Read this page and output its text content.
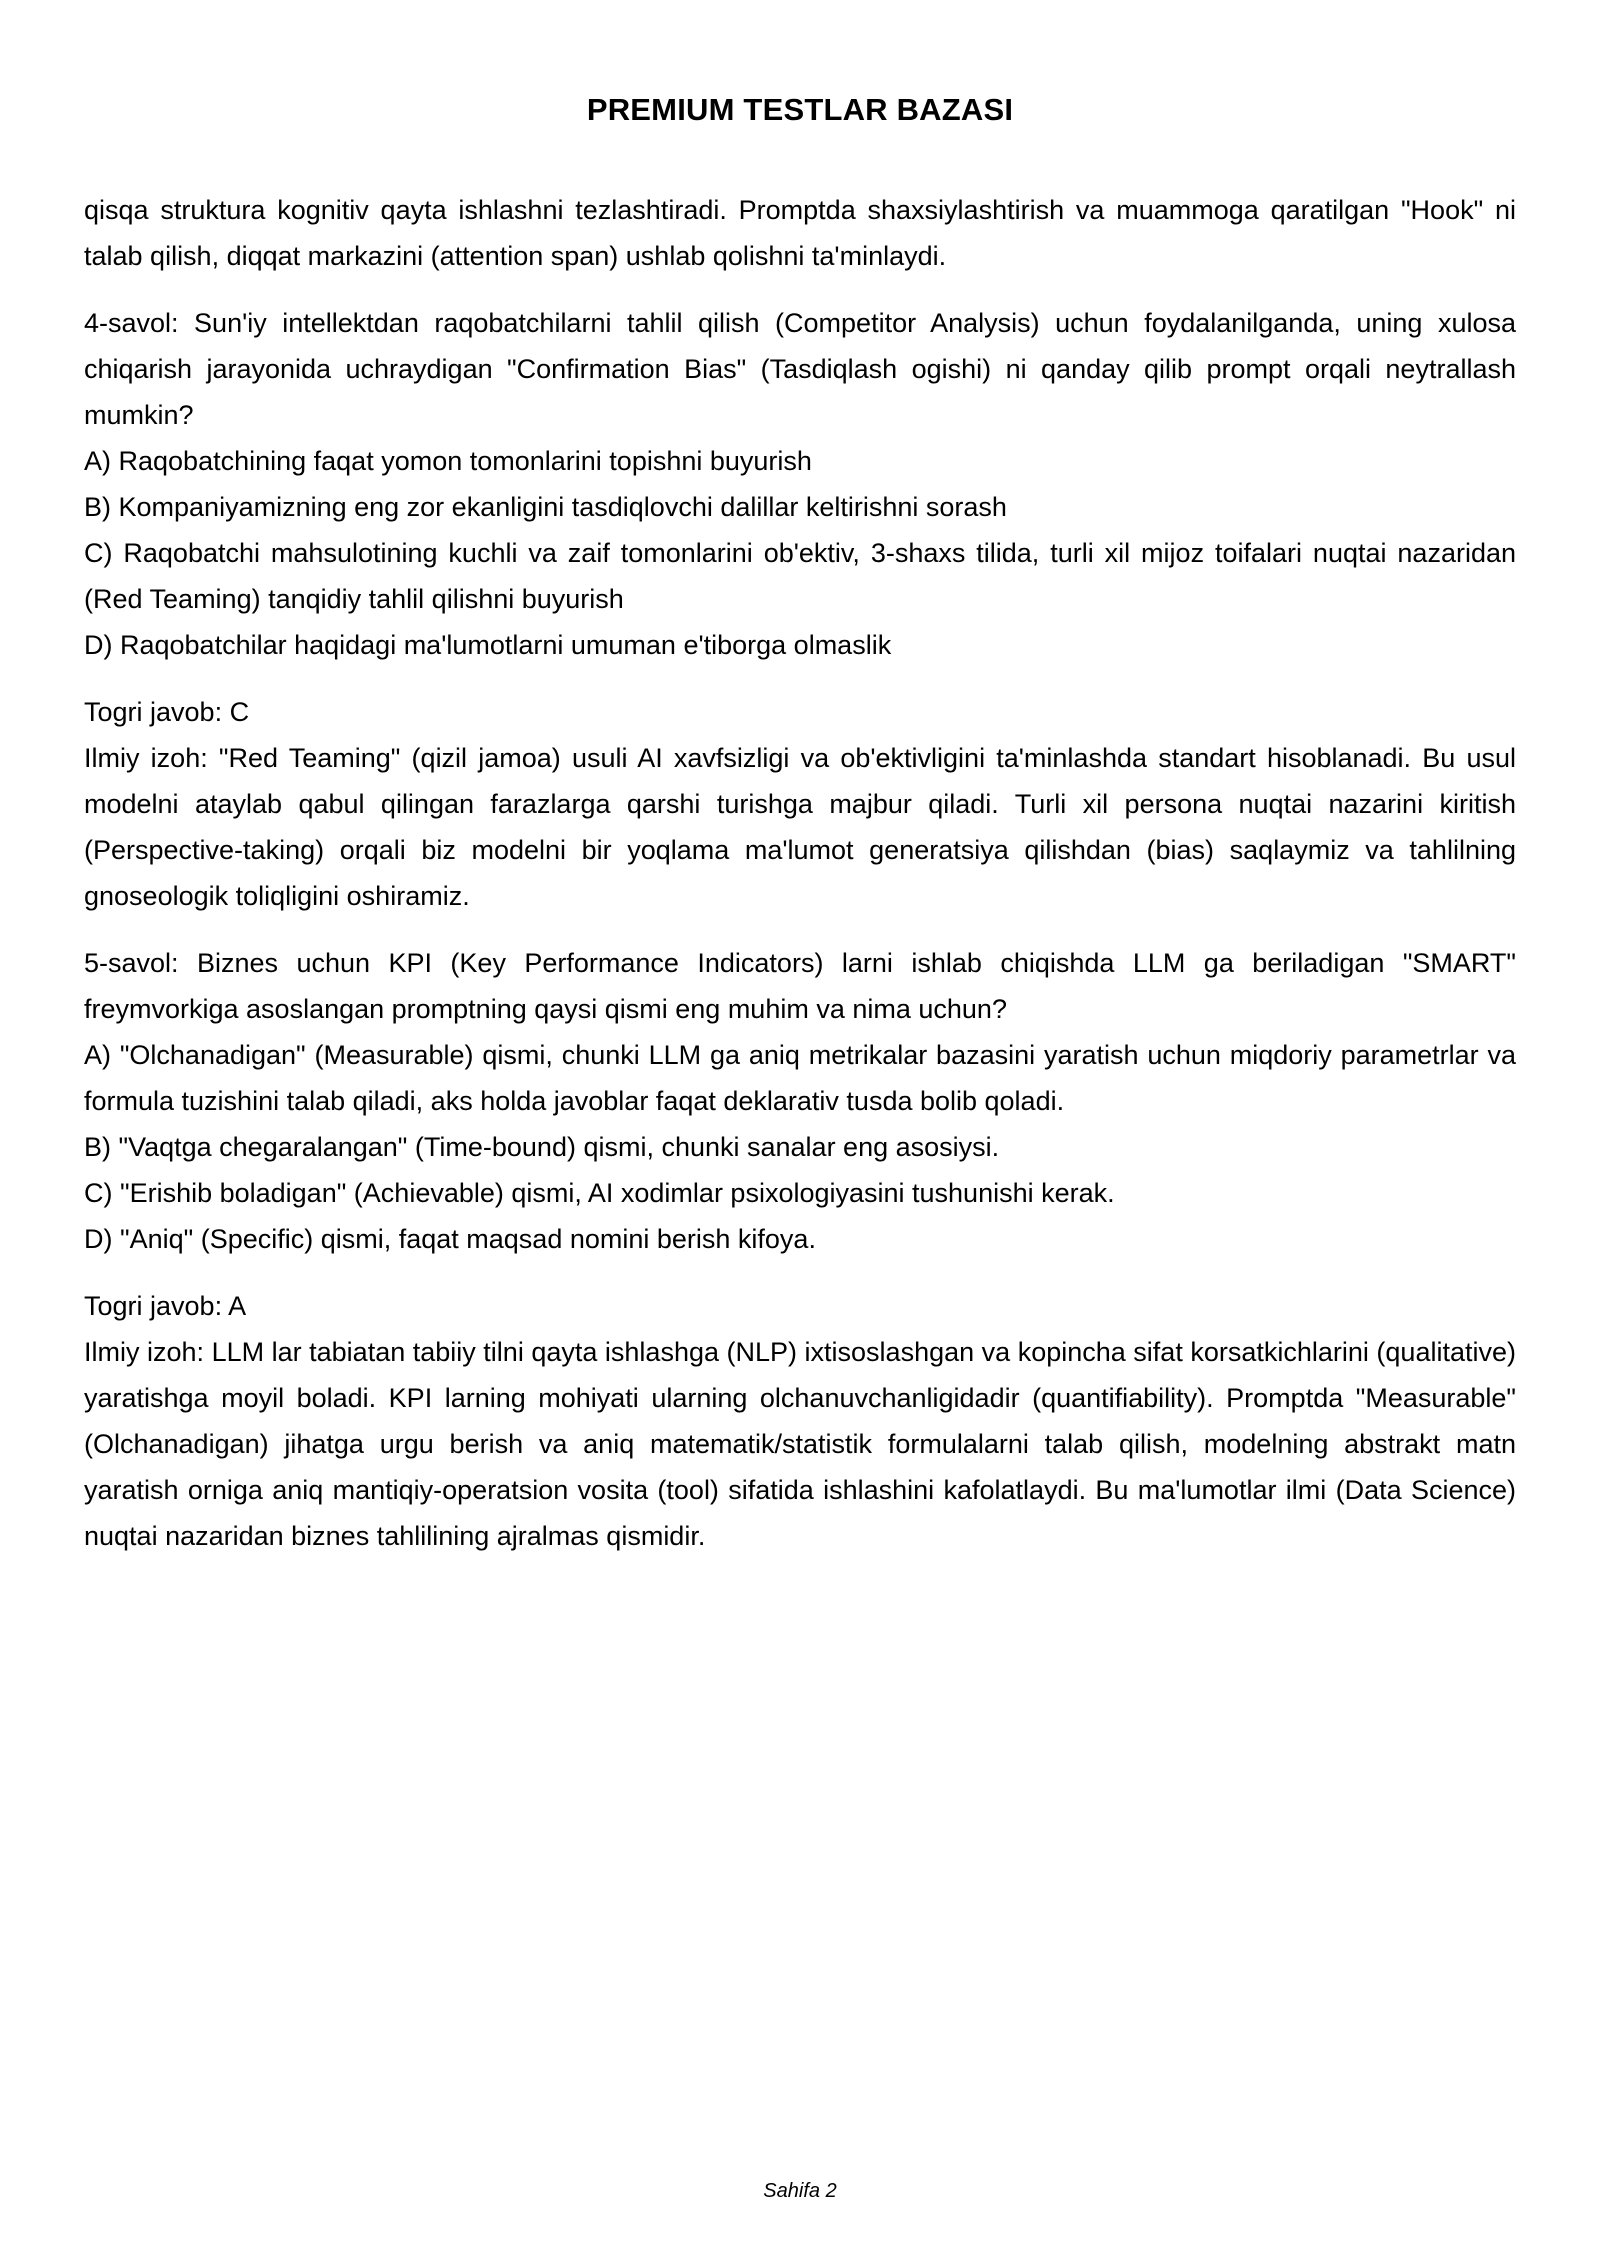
PREMIUM TESTLAR BAZASI

qisqa struktura kognitiv qayta ishlashni tezlashtiradi. Promptda shaxsiylashtirish va muammoga qaratilgan "Hook" ni talab qilish, diqqat markazini (attention span) ushlab qolishni ta'minlaydi.

4-savol: Sun'iy intellektdan raqobatchilarni tahlil qilish (Competitor Analysis) uchun foydalanilganda, uning xulosa chiqarish jarayonida uchraydigan "Confirmation Bias" (Tasdiqlash ogishi) ni qanday qilib prompt orqali neytrallash mumkin?

A) Raqobatchining faqat yomon tomonlarini topishni buyurish

B) Kompaniyamizning eng zor ekanligini tasdiqlovchi dalillar keltirishni sorash

C) Raqobatchi mahsulotining kuchli va zaif tomonlarini ob'ektiv, 3-shaxs tilida, turli xil mijoz toifalari nuqtai nazaridan (Red Teaming) tanqidiy tahlil qilishni buyurish

D) Raqobatchilar haqidagi ma'lumotlarni umuman e'tiborga olmaslik

Togri javob: C

Ilmiy izoh: "Red Teaming" (qizil jamoa) usuli AI xavfsizligi va ob'ektivligini ta'minlashda standart hisoblanadi. Bu usul modelni ataylab qabul qilingan farazlarga qarshi turishga majbur qiladi. Turli xil persona nuqtai nazarini kiritish (Perspective-taking) orqali biz modelni bir yoqlama ma'lumot generatsiya qilishdan (bias) saqlaymiz va tahlilning gnoseologik toliqligini oshiramiz.

5-savol: Biznes uchun KPI (Key Performance Indicators) larni ishlab chiqishda LLM ga beriladigan "SMART" freymvorkiga asoslangan promptning qaysi qismi eng muhim va nima uchun?

A) "Olchanadigan" (Measurable) qismi, chunki LLM ga aniq metrikalar bazasini yaratish uchun miqdoriy parametrlar va formula tuzishini talab qiladi, aks holda javoblar faqat deklarativ tusda bolib qoladi.

B) "Vaqtga chegaralangan" (Time-bound) qismi, chunki sanalar eng asosiysi.

C) "Erishib boladigan" (Achievable) qismi, AI xodimlar psixologiyasini tushunishi kerak.

D) "Aniq" (Specific) qismi, faqat maqsad nomini berish kifoya.

Togri javob: A

Ilmiy izoh: LLM lar tabiatan tabiiy tilni qayta ishlashga (NLP) ixtisoslashgan va kopincha sifat korsatkichlarini (qualitative) yaratishga moyil boladi. KPI larning mohiyati ularning olchanuvchanligidadir (quantifiability). Promptda "Measurable" (Olchanadigan) jihatga urgu berish va aniq matematik/statistik formulalarni talab qilish, modelning abstrakt matn yaratish orniga aniq mantiqiy-operatsion vosita (tool) sifatida ishlashini kafolatlaydi. Bu ma'lumotlar ilmi (Data Science) nuqtai nazaridan biznes tahlilining ajralmas qismidir.

Sahifa 2
